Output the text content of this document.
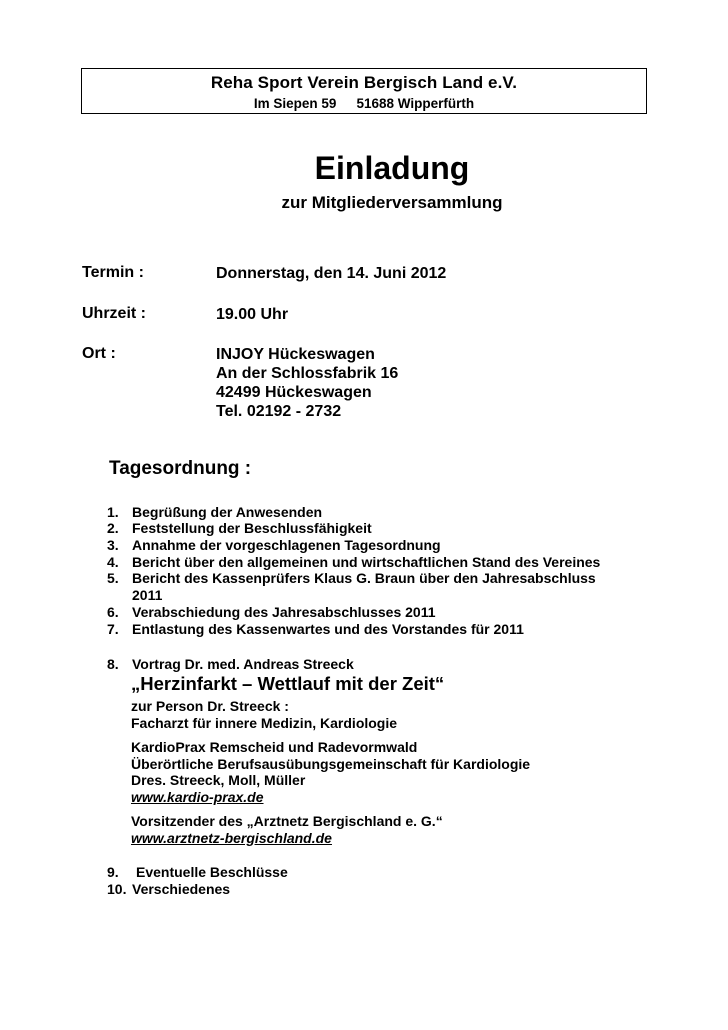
Reha Sport Verein Bergisch Land e.V.
Im Siepen 59 51688 Wipperfürth
Einladung
zur Mitgliederversammlung
Termin :	Donnerstag, den 14. Juni 2012
Uhrzeit :	19.00 Uhr
Ort :	INJOY Hückeswagen
An der Schlossfabrik 16
42499 Hückeswagen
Tel. 02192 - 2732
Tagesordnung :
1. Begrüßung der Anwesenden
2. Feststellung der Beschlussfähigkeit
3. Annahme der vorgeschlagenen Tagesordnung
4. Bericht über den allgemeinen und wirtschaftlichen Stand des Vereines
5. Bericht des Kassenprüfers Klaus G. Braun über den Jahresabschluss
2011
6. Verabschiedung des Jahresabschlusses 2011
7. Entlastung des Kassenwartes und des Vorstandes für 2011
8. Vortrag Dr. med. Andreas Streeck
„Herzinfarkt – Wettlauf mit der Zeit“
zur Person Dr. Streeck :
Facharzt für innere Medizin, Kardiologie
KardioPrax Remscheid und Radevormwald
Überörtliche Berufsausübungsgemeinschaft für Kardiologie
Dres. Streeck, Moll, Müller
www.kardio-prax.de
Vorsitzender des „Arztnetz Bergischland e. G.“
www.arztnetz-bergischland.de
9. Eventuelle Beschlüsse
10. Verschiedenes
